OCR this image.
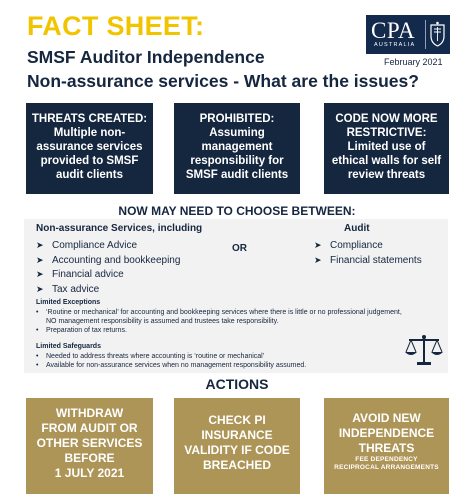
FACT SHEET:
SMSF Auditor Independence
Non-assurance services - What are the issues?
CPA
AUSTRALIA
February 2021
THREATS CREATED:
Multiple non-
assurance services
provided to SMSF
audit clients
PROHIBITED:
Assuming
management
responsibility for
SMSF audit clients
CODE NOW MORE
RESTRICTIVE:
Limited use of
ethical walls for self
review threats
NOW MAY NEED TO CHOOSE BETWEEN:
Non-assurance Services, including
OR
Audit
➤ Compliance Advice
➤ Accounting and bookkeeping
➤ Financial advice
➤ Tax advice
➤ Compliance
➤ Financial statements
Limited Exceptions
• ‘Routine or mechanical’ for accounting and bookkeeping services where there is little or no professional judgement, NO management responsibility is assumed and trustees take responsibility.
• Preparation of tax returns.
Limited Safeguards
• Needed to address threats where accounting is ‘routine or mechanical’
• Available for non-assurance services when no management responsibility assumed.
ACTIONS
WITHDRAW
FROM AUDIT OR
OTHER SERVICES
BEFORE
1 JULY 2021
CHECK PI
INSURANCE
VALIDITY IF CODE
BREACHED
AVOID NEW
INDEPENDENCE
THREATS
FEE DEPENDENCY
RECIPROCAL ARRANGEMENTS
